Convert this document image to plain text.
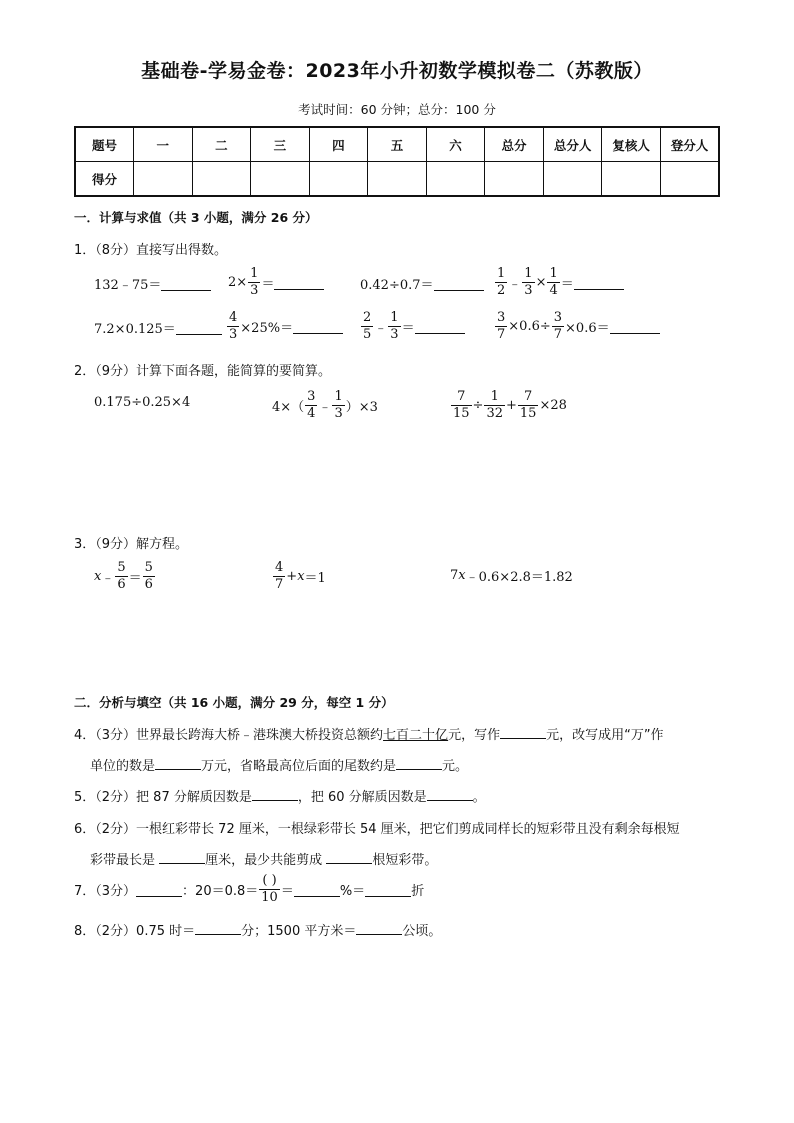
基础卷-学易金卷：2023年小升初数学模拟卷二（苏教版）
考试时间：60 分钟；总分：100 分
题号	一	二	三	四	五	六	总分	总分人	复核人	登分人
得分										
一．计算与求值（共 3 小题，满分 26 分）
1．（8分）直接写出得数。
132﹣75＝	$2\times \frac{1}{3}$ ＝	0.42÷0.7＝	$\frac{1}{2}$ ﹣ $\frac{1}{3} \times \frac{1}{4}$ ＝
7.2×0.125＝	$\frac{4}{3} \times 25\%=$	$\frac{2}{5}$ ﹣ $\frac{1}{3}$ ＝	$\frac{3}{7} \times 0.6\div \frac{3}{7} \times 0.6=$
2．（9分）计算下面各题，能简算的要简算。
0.175÷0.25×4	$4\times( \frac{3}{4}$ ﹣ $\frac{1}{3} )\times 3$	$\frac{7}{15} \div \frac{1}{32} + \frac{7}{15} \times 28$
3．（9分）解方程。
x ﹣ $\frac{5}{6} = \frac{5}{6}$	$\frac{4}{7} + x =1$	7 x ﹣0.6×2.8＝1.82
二．分析与填空（共 16 小题，满分 29 分，每空 1 分）
4．（3分）世界最长跨海大桥﹣港珠澳大桥投资总额约七百二十亿元，写作	元，改写成用“万”作
单位的数是	万元，省略最高位后面的尾数约是	元。
5．（2分）把 87 分解质因数是	，把 60 分解质因数是	。
6．（2分）一根红彩带长 72 厘米，一根绿彩带长 54 厘米，把它们剪成同样长的短彩带且没有剩余每根短
彩带最长是	厘米，最少共能剪成	根短彩带。
7．（3分）	：$20=0.8= \frac{( )}{10}$ ＝	%＝	折
8．（2分）0.75 时＝	分；1500 平方米＝	公顷。
